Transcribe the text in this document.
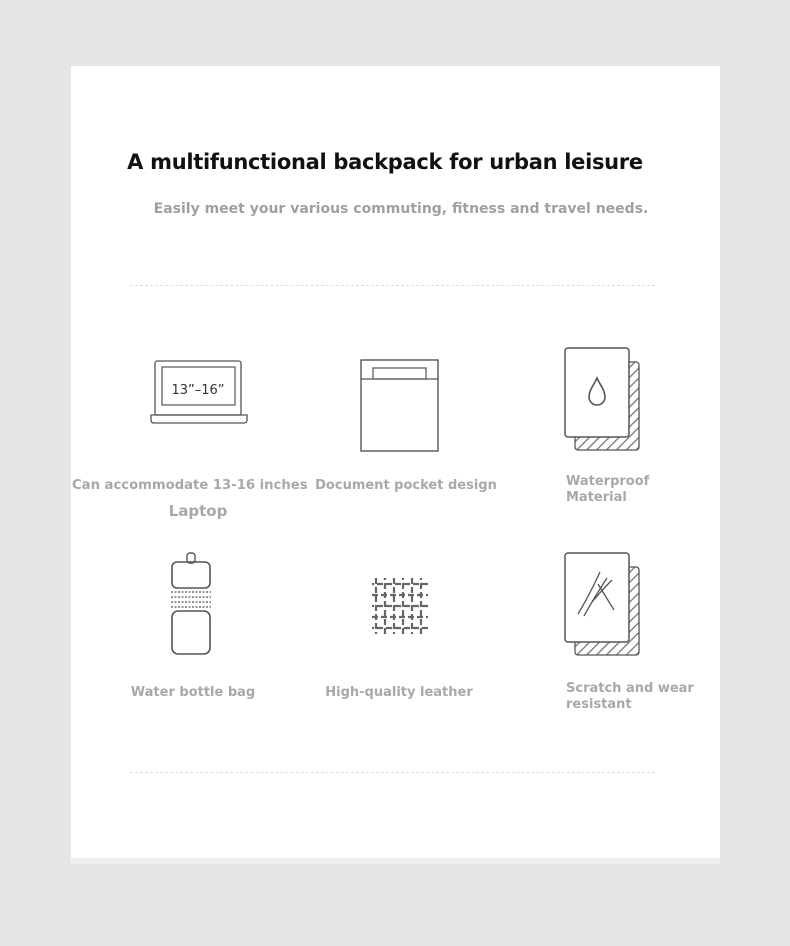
A multifunctional backpack for urban leisure
Easily meet your various commuting, fitness and travel needs.
13”–16”
Can accommodate 13-16 inches
Laptop
Document pocket design	Waterproof
Material
Water bottle bag	High-quality leather	Scratch and wear
resistant
